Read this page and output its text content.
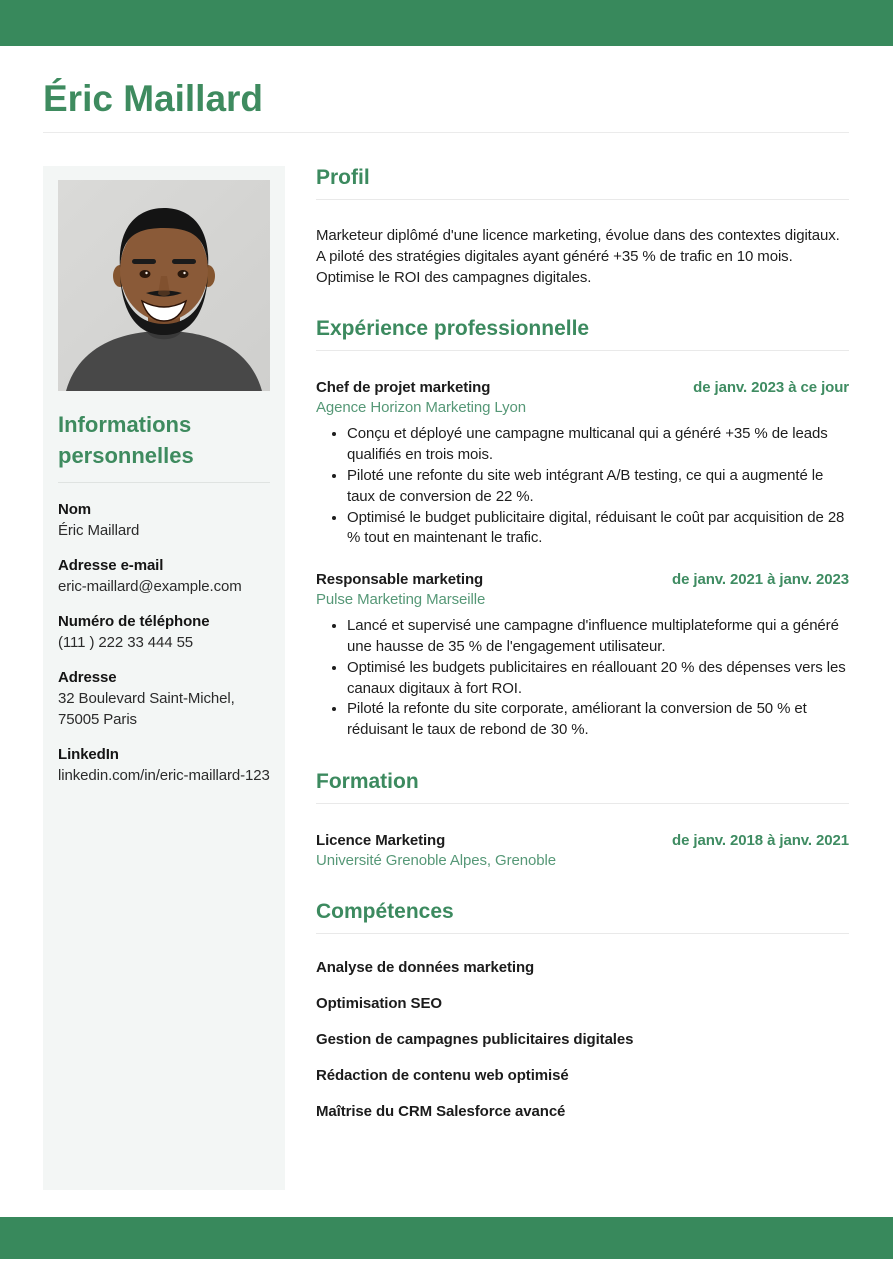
Éric Maillard
Informations personnelles
Nom
Éric Maillard
Adresse e-mail
eric-maillard@example.com
Numéro de téléphone
(111 ) 222 33 444 55
Adresse
32 Boulevard Saint-Michel, 75005 Paris
LinkedIn
linkedin.com/in/eric-maillard-123
Profil

Marketeur diplômé d'une licence marketing, évolue dans des contextes digitaux. A piloté des stratégies digitales ayant généré +35 % de trafic en 10 mois. Optimise le ROI des campagnes digitales.

Expérience professionnelle
Chef de projet marketing	de janv. 2023 à ce jour
Agence Horizon Marketing Lyon
• Conçu et déployé une campagne multicanal qui a généré +35 % de leads qualifiés en trois mois.
• Piloté une refonte du site web intégrant A/B testing, ce qui a augmenté le taux de conversion de 22 %.
• Optimisé le budget publicitaire digital, réduisant le coût par acquisition de 28 % tout en maintenant le trafic.
Responsable marketing	de janv. 2021 à janv. 2023
Pulse Marketing Marseille
• Lancé et supervisé une campagne d'influence multiplateforme qui a généré une hausse de 35 % de l'engagement utilisateur.
• Optimisé les budgets publicitaires en réallouant 20 % des dépenses vers les canaux digitaux à fort ROI.
• Piloté la refonte du site corporate, améliorant la conversion de 50 % et réduisant le taux de rebond de 30 %.
Formation
Licence Marketing	de janv. 2018 à janv. 2021
Université Grenoble Alpes, Grenoble
Compétences
Analyse de données marketing
Optimisation SEO
Gestion de campagnes publicitaires digitales
Rédaction de contenu web optimisé
Maîtrise du CRM Salesforce avancé
